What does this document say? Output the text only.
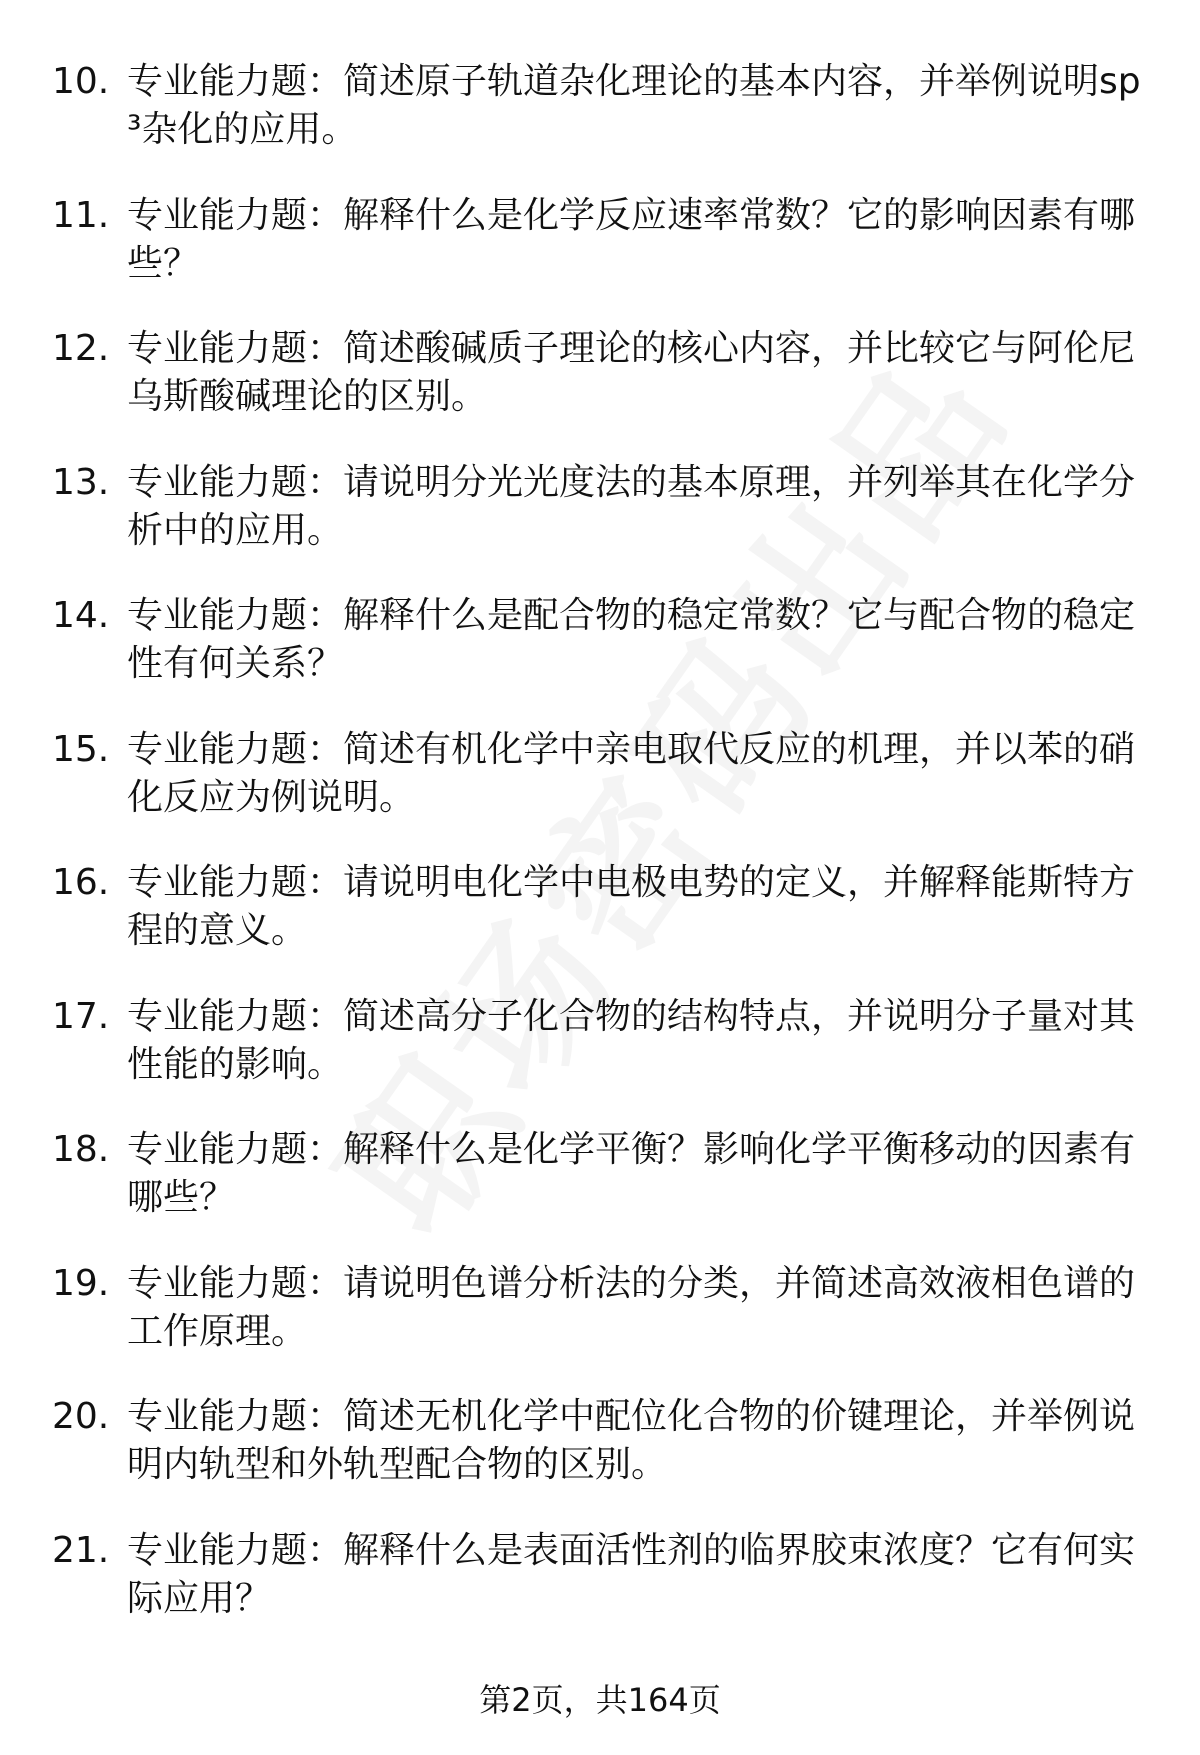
10. 专业能力题：简述原子轨道杂化理论的基本内容，并举例说明sp³杂化的应用。
11. 专业能力题：解释什么是化学反应速率常数？它的影响因素有哪些？
12. 专业能力题：简述酸碱质子理论的核心内容，并比较它与阿伦尼乌斯酸碱理论的区别。
13. 专业能力题：请说明分光光度法的基本原理，并列举其在化学分析中的应用。
14. 专业能力题：解释什么是配合物的稳定常数？它与配合物的稳定性有何关系？
15. 专业能力题：简述有机化学中亲电取代反应的机理，并以苯的硝化反应为例说明。
16. 专业能力题：请说明电化学中电极电势的定义，并解释能斯特方程的意义。
17. 专业能力题：简述高分子化合物的结构特点，并说明分子量对其性能的影响。
18. 专业能力题：解释什么是化学平衡？影响化学平衡移动的因素有哪些？
19. 专业能力题：请说明色谱分析法的分类，并简述高效液相色谱的工作原理。
20. 专业能力题：简述无机化学中配位化合物的价键理论，并举例说明内轨型和外轨型配合物的区别。
21. 专业能力题：解释什么是表面活性剂的临界胶束浓度？它有何实际应用？
第2页，共164页
